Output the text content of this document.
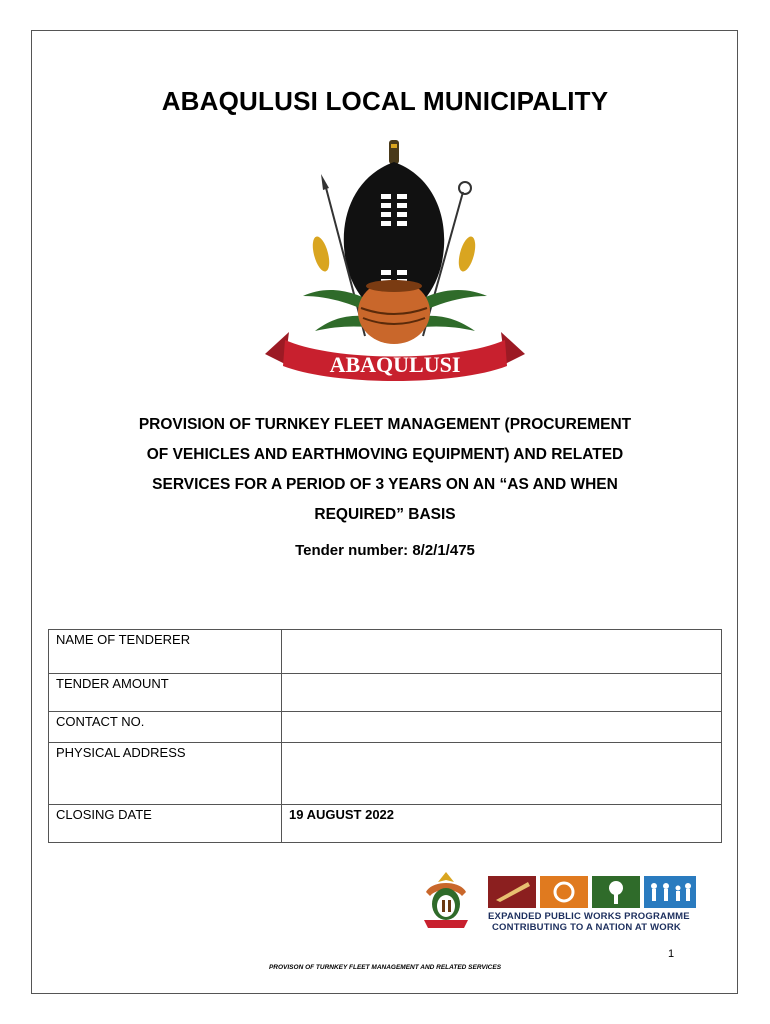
ABAQULUSI LOCAL MUNICIPALITY
ABAQULUSI
PROVISION OF TURNKEY FLEET MANAGEMENT (PROCUREMENT
OF VEHICLES AND EARTHMOVING EQUIPMENT) AND RELATED
SERVICES FOR A PERIOD OF 3 YEARS ON AN “AS AND WHEN
REQUIRED” BASIS
Tender number: 8/2/1/475
NAME OF TENDERER	
TENDER AMOUNT	
CONTACT NO.	
PHYSICAL ADDRESS	
CLOSING DATE	19 AUGUST 2022
EXPANDED PUBLIC WORKS PROGRAMME
CONTRIBUTING TO A NATION AT WORK
1
PROVISON OF TURNKEY FLEET MANAGEMENT AND RELATED SERVICES
